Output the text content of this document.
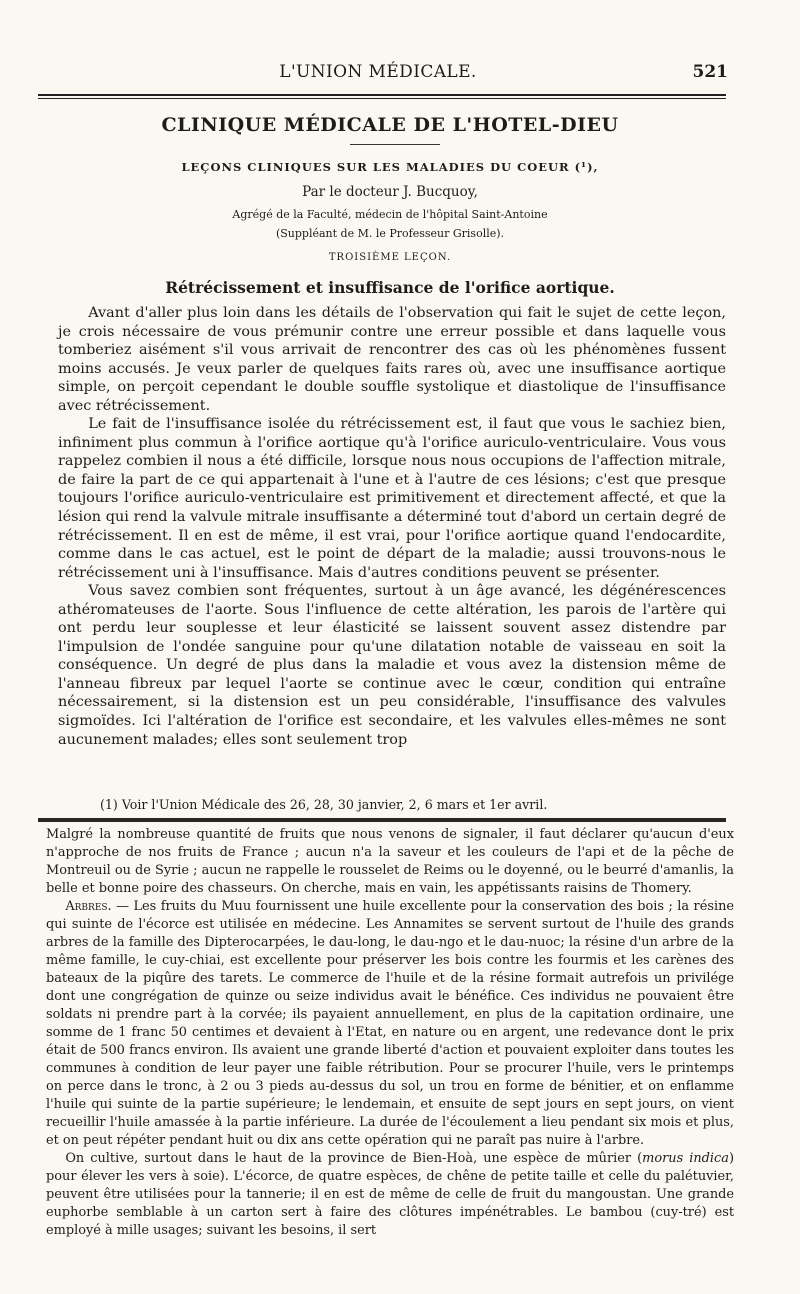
L'UNION MÉDICALE.	521
CLINIQUE MÉDICALE DE L'HOTEL-DIEU
LEÇONS CLINIQUES SUR LES MALADIES DU COEUR (¹),
Par le docteur J. Bucquoy,
Agrégé de la Faculté, médecin de l'hôpital Saint-Antoine
(Suppléant de M. le Professeur Grisolle).
TROISIÈME LEÇON.
Rétrécissement et insuffisance de l'orifice aortique.

Avant d'aller plus loin dans les détails de l'observation qui fait le sujet de cette leçon, je crois nécessaire de vous prémunir contre une erreur possible et dans laquelle vous tomberiez aisément s'il vous arrivait de rencontrer des cas où les phénomènes fussent moins accusés. Je veux parler de quelques faits rares où, avec une insuffisance aortique simple, on perçoit cependant le double souffle systolique et diastolique de l'insuffisance avec rétrécissement.

Le fait de l'insuffisance isolée du rétrécissement est, il faut que vous le sachiez bien, infiniment plus commun à l'orifice aortique qu'à l'orifice auriculo-ventriculaire. Vous vous rappelez combien il nous a été difficile, lorsque nous nous occupions de l'affection mitrale, de faire la part de ce qui appartenait à l'une et à l'autre de ces lésions; c'est que presque toujours l'orifice auriculo-ventriculaire est primitivement et directement affecté, et que la lésion qui rend la valvule mitrale insuffisante a déterminé tout d'abord un certain degré de rétrécissement. Il en est de même, il est vrai, pour l'orifice aortique quand l'endocardite, comme dans le cas actuel, est le point de départ de la maladie; aussi trouvons-nous le rétrécissement uni à l'insuffisance. Mais d'autres conditions peuvent se présenter.

Vous savez combien sont fréquentes, surtout à un âge avancé, les dégénérescences athéromateuses de l'aorte. Sous l'influence de cette altération, les parois de l'artère qui ont perdu leur souplesse et leur élasticité se laissent souvent assez distendre par l'impulsion de l'ondée sanguine pour qu'une dilatation notable de vaisseau en soit la conséquence. Un degré de plus dans la maladie et vous avez la distension même de l'anneau fibreux par lequel l'aorte se continue avec le cœur, condition qui entraîne nécessairement, si la distension est un peu considérable, l'insuffisance des valvules sigmoïdes. Ici l'altération de l'orifice est secondaire, et les valvules elles-mêmes ne sont aucunement malades; elles sont seulement trop

(1) Voir l'Union Médicale des 26, 28, 30 janvier, 2, 6 mars et 1er avril.

Malgré la nombreuse quantité de fruits que nous venons de signaler, il faut déclarer qu'aucun d'eux n'approche de nos fruits de France ; aucun n'a la saveur et les couleurs de l'api et de la pêche de Montreuil ou de Syrie ; aucun ne rappelle le rousselet de Reims ou le doyenné, ou le beurré d'amanlis, la belle et bonne poire des chasseurs. On cherche, mais en vain, les appétissants raisins de Thomery.

Arbres. — Les fruits du Muu fournissent une huile excellente pour la conservation des bois ; la résine qui suinte de l'écorce est utilisée en médecine. Les Annamites se servent surtout de l'huile des grands arbres de la famille des Dipterocarpées, le dau-long, le dau-ngo et le dau-nuoc; la résine d'un arbre de la même famille, le cuy-chiai, est excellente pour préserver les bois contre les fourmis et les carènes des bateaux de la piqûre des tarets. Le commerce de l'huile et de la résine formait autrefois un privilége dont une congrégation de quinze ou seize individus avait le bénéfice. Ces individus ne pouvaient être soldats ni prendre part à la corvée; ils payaient annuellement, en plus de la capitation ordinaire, une somme de 1 franc 50 centimes et devaient à l'Etat, en nature ou en argent, une redevance dont le prix était de 500 francs environ. Ils avaient une grande liberté d'action et pouvaient exploiter dans toutes les communes à condition de leur payer une faible rétribution. Pour se procurer l'huile, vers le printemps on perce dans le tronc, à 2 ou 3 pieds au-dessus du sol, un trou en forme de bénitier, et on enflamme l'huile qui suinte de la partie supérieure; le lendemain, et ensuite de sept jours en sept jours, on vient recueillir l'huile amassée à la partie inférieure. La durée de l'écoulement a lieu pendant six mois et plus, et on peut répéter pendant huit ou dix ans cette opération qui ne paraît pas nuire à l'arbre.

On cultive, surtout dans le haut de la province de Bien-Hoà, une espèce de mûrier (morus indica) pour élever les vers à soie). L'écorce, de quatre espèces, de chêne de petite taille et celle du palétuvier, peuvent être utilisées pour la tannerie; il en est de même de celle de fruit du mangoustan. Une grande euphorbe semblable à un carton sert à faire des clôtures impénétrables. Le bambou (cuy-tré) est employé à mille usages; suivant les besoins, il sert
